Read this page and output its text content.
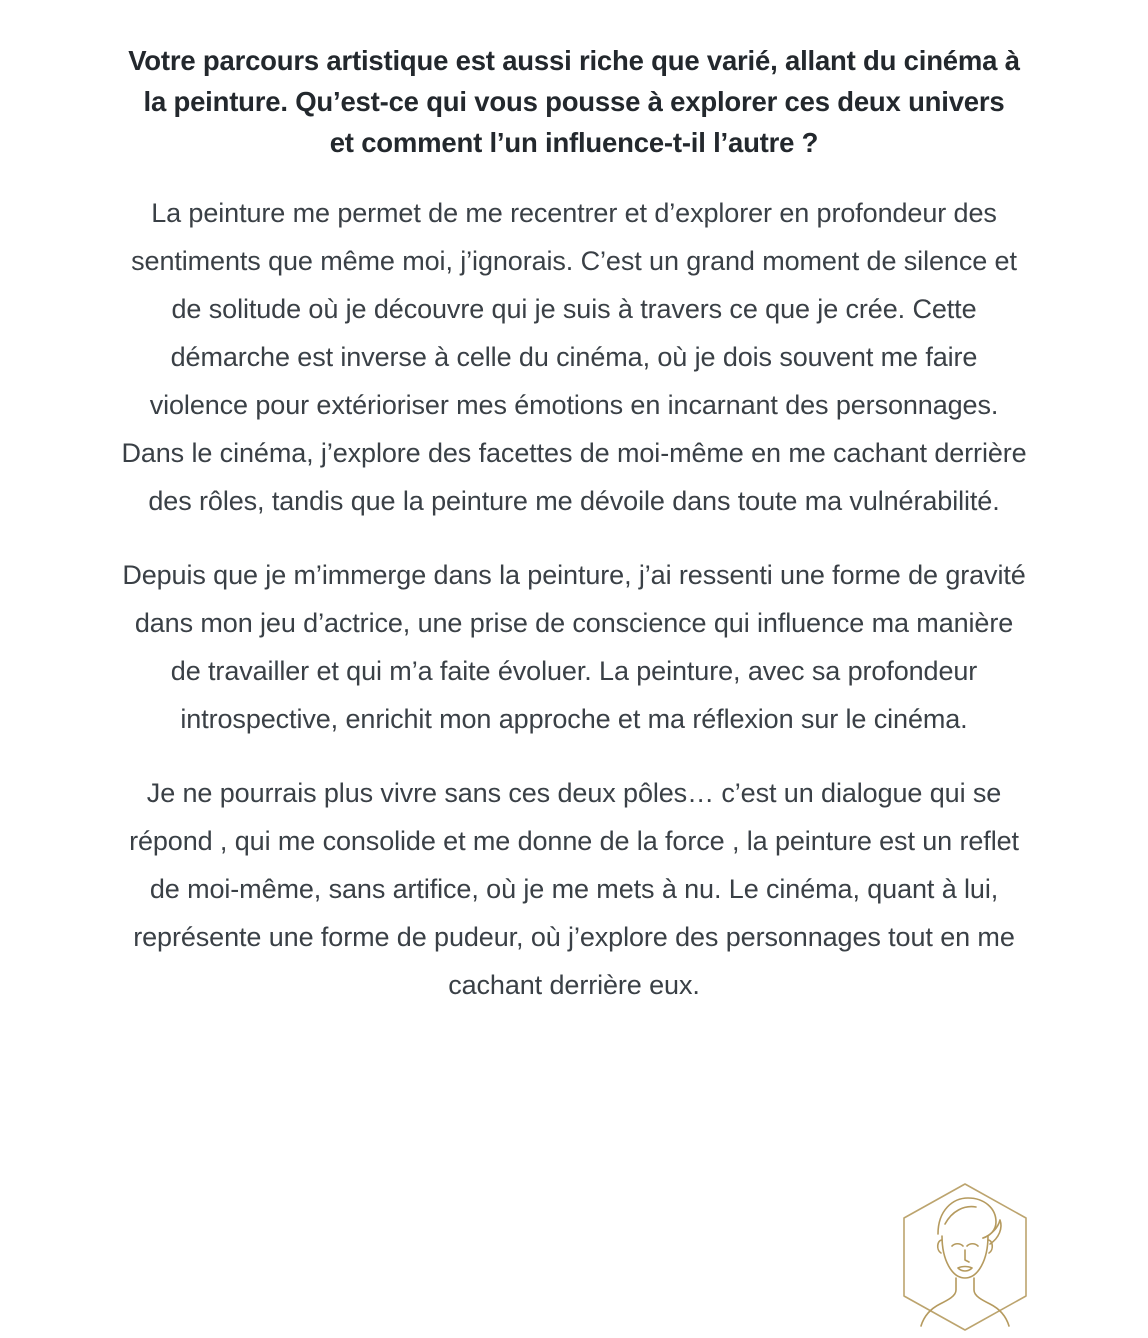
Votre parcours artistique est aussi riche que varié, allant du cinéma à la peinture. Qu’est-ce qui vous pousse à explorer ces deux univers et comment l’un influence-t-il l’autre ?

La peinture me permet de me recentrer et d’explorer en profondeur des sentiments que même moi, j’ignorais. C’est un grand moment de silence et de solitude où je découvre qui je suis à travers ce que je crée. Cette démarche est inverse à celle du cinéma, où je dois souvent me faire violence pour extérioriser mes émotions en incarnant des personnages. Dans le cinéma, j’explore des facettes de moi-même en me cachant derrière des rôles, tandis que la peinture me dévoile dans toute ma vulnérabilité.

Depuis que je m’immerge dans la peinture, j’ai ressenti une forme de gravité dans mon jeu d’actrice, une prise de conscience qui influence ma manière de travailler et qui m’a faite évoluer. La peinture, avec sa profondeur introspective, enrichit mon approche et ma réflexion sur le cinéma.

Je ne pourrais plus vivre sans ces deux pôles… c’est un dialogue qui se répond , qui me consolide et me donne de la force , la peinture est un reflet de moi-même, sans artifice, où je me mets à nu. Le cinéma, quant à lui, représente une forme de pudeur, où j’explore des personnages tout en me cachant derrière eux.
